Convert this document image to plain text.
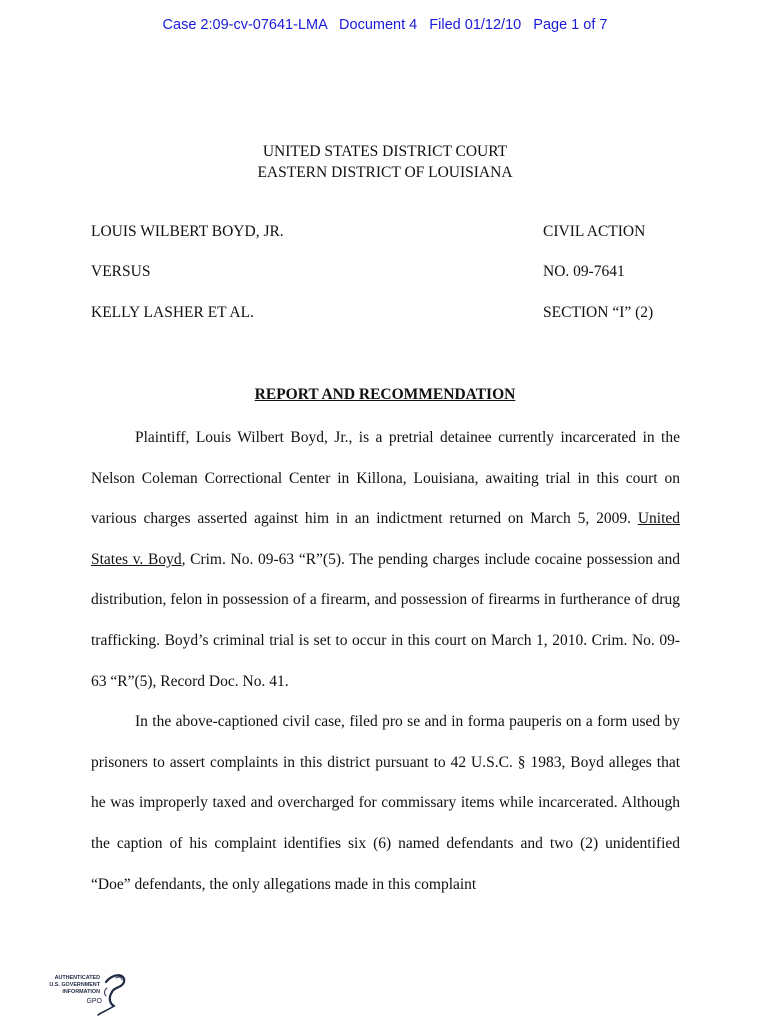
Case 2:09-cv-07641-LMA   Document 4   Filed 01/12/10   Page 1 of 7
UNITED STATES DISTRICT COURT
EASTERN DISTRICT OF LOUISIANA
LOUIS WILBERT BOYD, JR.
VERSUS
KELLY LASHER ET AL.
CIVIL ACTION
NO. 09-7641
SECTION “I” (2)
REPORT AND RECOMMENDATION

Plaintiff, Louis Wilbert Boyd, Jr., is a pretrial detainee currently incarcerated in the Nelson Coleman Correctional Center in Killona, Louisiana, awaiting trial in this court on various charges asserted against him in an indictment returned on March 5, 2009. United States v. Boyd, Crim. No. 09-63 “R”(5). The pending charges include cocaine possession and distribution, felon in possession of a firearm, and possession of firearms in furtherance of drug trafficking. Boyd’s criminal trial is set to occur in this court on March 1, 2010. Crim. No. 09-63 “R”(5), Record Doc. No. 41.

In the above-captioned civil case, filed pro se and in forma pauperis on a form used by prisoners to assert complaints in this district pursuant to 42 U.S.C. § 1983, Boyd alleges that he was improperly taxed and overcharged for commissary items while incarcerated. Although the caption of his complaint identifies six (6) named defendants and two (2) unidentified “Doe” defendants, the only allegations made in this complaint

AUTHENTICATED
U.S. GOVERNMENT
INFORMATION
GPO
